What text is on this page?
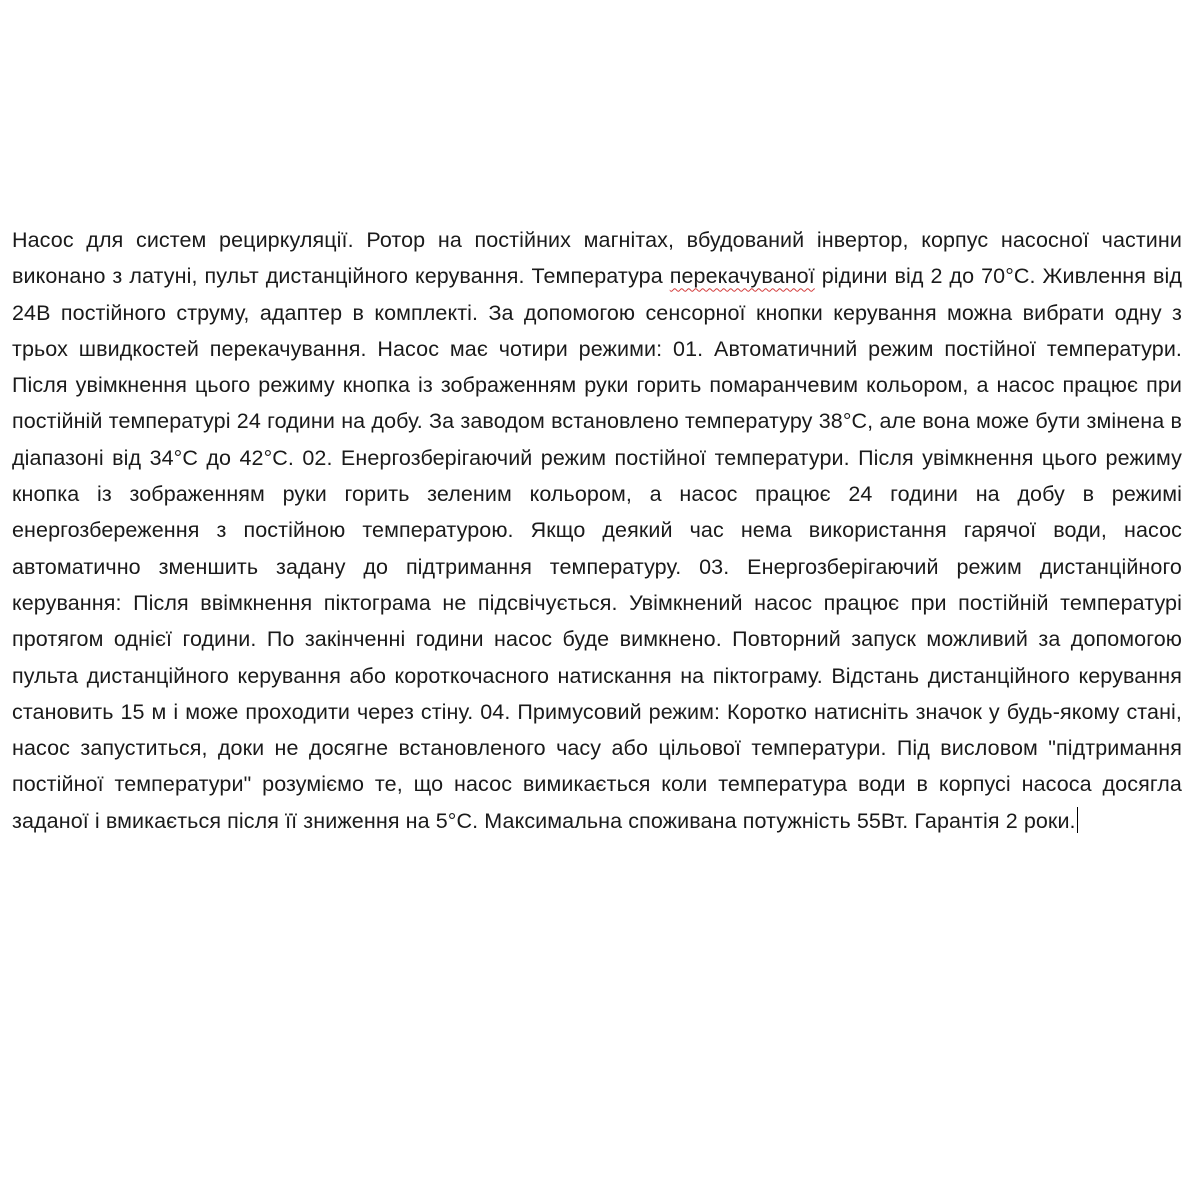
Насос для систем рециркуляції. Ротор на постійних магнітах, вбудований інвертор, корпус насосної частини виконано з латуні, пульт дистанційного керування. Температура перекачуваної рідини від 2 до 70°С. Живлення від 24В постійного струму, адаптер в комплекті. За допомогою сенсорної кнопки керування можна вибрати одну з трьох швидкостей перекачування. Насос має чотири режими: 01. Автоматичний режим постійної температури. Після увімкнення цього режиму кнопка із зображенням руки горить помаранчевим кольором, а насос працює при постійній температурі 24 години на добу. За заводом встановлено температуру 38°С, але вона може бути змінена в діапазоні від 34°С до 42°С. 02. Енергозберігаючий режим постійної температури. Після увімкнення цього режиму кнопка із зображенням руки горить зеленим кольором, а насос працює 24 години на добу в режимі енергозбереження з постійною температурою. Якщо деякий час нема використання гарячої води, насос автоматично зменшить задану до підтримання температуру. 03. Енергозберігаючий режим дистанційного керування: Після ввімкнення піктограма не підсвічується. Увімкнений насос працює при постійній температурі протягом однієї години. По закінченні години насос буде вимкнено. Повторний запуск можливий за допомогою пульта дистанційного керування або короткочасного натискання на піктограму. Відстань дистанційного керування становить 15 м і може проходити через стіну. 04. Примусовий режим: Коротко натисніть значок у будь-якому стані, насос запуститься, доки не досягне встановленого часу або цільової температури. Під висловом "підтримання постійної температури" розуміємо те, що насос вимикається коли температура води в корпусі насоса досягла заданої і вмикається після її зниження на 5°С. Максимальна споживана потужність 55Вт. Гарантія 2 роки.
